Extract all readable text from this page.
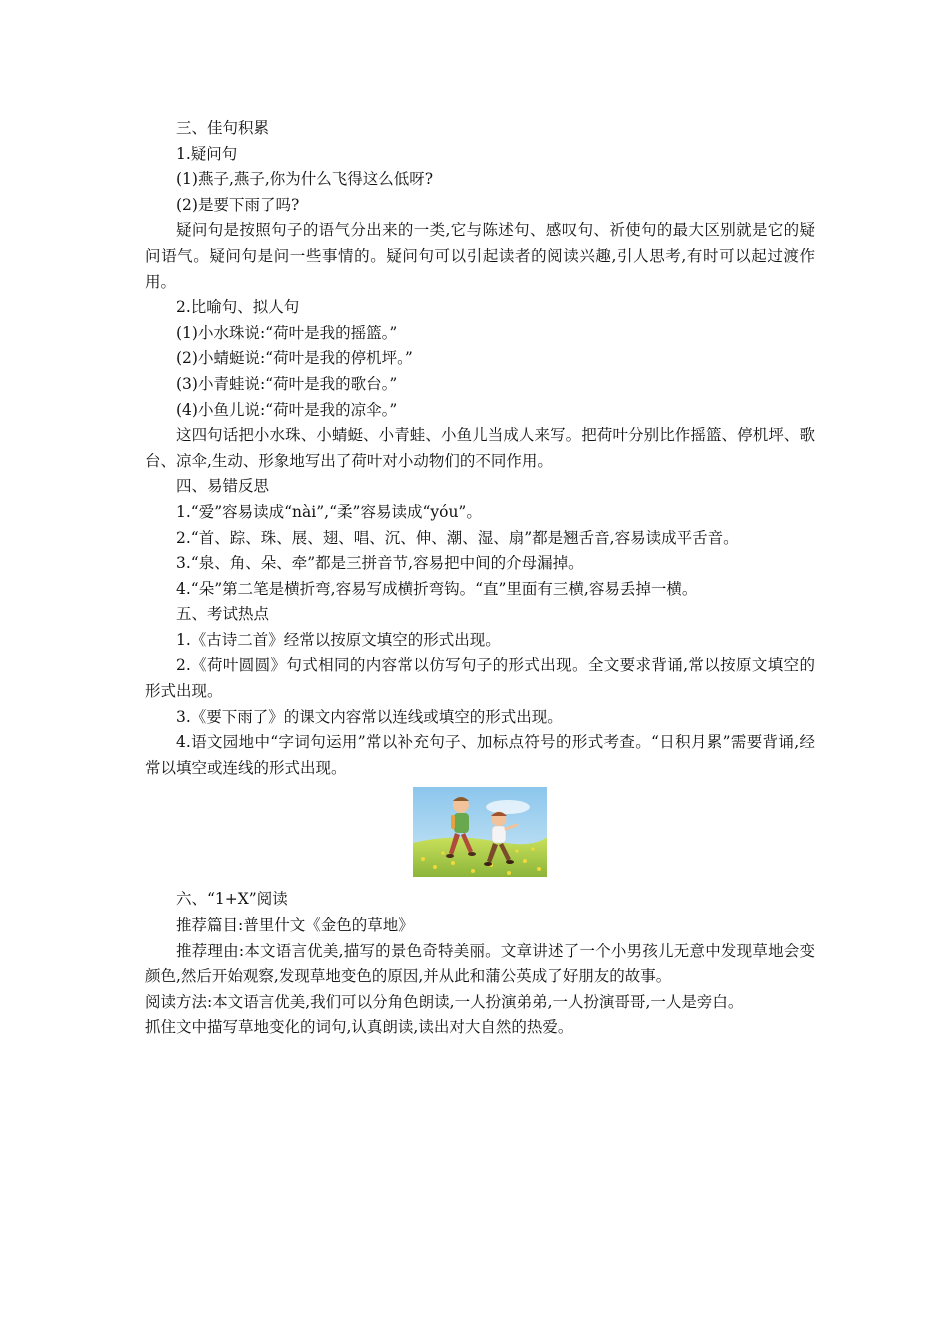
三、佳句积累

1.疑问句

(1)燕子,燕子,你为什么飞得这么低呀?

(2)是要下雨了吗?

疑问句是按照句子的语气分出来的一类,它与陈述句、感叹句、祈使句的最大区别就是它的疑问语气。疑问句是问一些事情的。疑问句可以引起读者的阅读兴趣,引人思考,有时可以起过渡作用。

2.比喻句、拟人句

(1)小水珠说:“荷叶是我的摇篮。”

(2)小蜻蜓说:“荷叶是我的停机坪。”

(3)小青蛙说:“荷叶是我的歌台。”

(4)小鱼儿说:“荷叶是我的凉伞。”

这四句话把小水珠、小蜻蜓、小青蛙、小鱼儿当成人来写。把荷叶分别比作摇篮、停机坪、歌台、凉伞,生动、形象地写出了荷叶对小动物们的不同作用。

四、易错反思

1.“爱”容易读成“nài”,“柔”容易读成“yóu”。

2.“首、踪、珠、展、翅、唱、沉、伸、潮、湿、扇”都是翘舌音,容易读成平舌音。

3.“泉、角、朵、牵”都是三拼音节,容易把中间的介母漏掉。

4.“朵”第二笔是横折弯,容易写成横折弯钩。“直”里面有三横,容易丢掉一横。

五、考试热点

1.《古诗二首》经常以按原文填空的形式出现。

2.《荷叶圆圆》句式相同的内容常以仿写句子的形式出现。全文要求背诵,常以按原文填空的形式出现。

3.《要下雨了》的课文内容常以连线或填空的形式出现。

4.语文园地中“字词句运用”常以补充句子、加标点符号的形式考查。“日积月累”需要背诵,经常以填空或连线的形式出现。

六、“1+X”阅读

推荐篇目:普里什文《金色的草地》

推荐理由:本文语言优美,描写的景色奇特美丽。文章讲述了一个小男孩儿无意中发现草地会变颜色,然后开始观察,发现草地变色的原因,并从此和蒲公英成了好朋友的故事。

阅读方法:本文语言优美,我们可以分角色朗读,一人扮演弟弟,一人扮演哥哥,一人是旁白。

抓住文中描写草地变化的词句,认真朗读,读出对大自然的热爱。
